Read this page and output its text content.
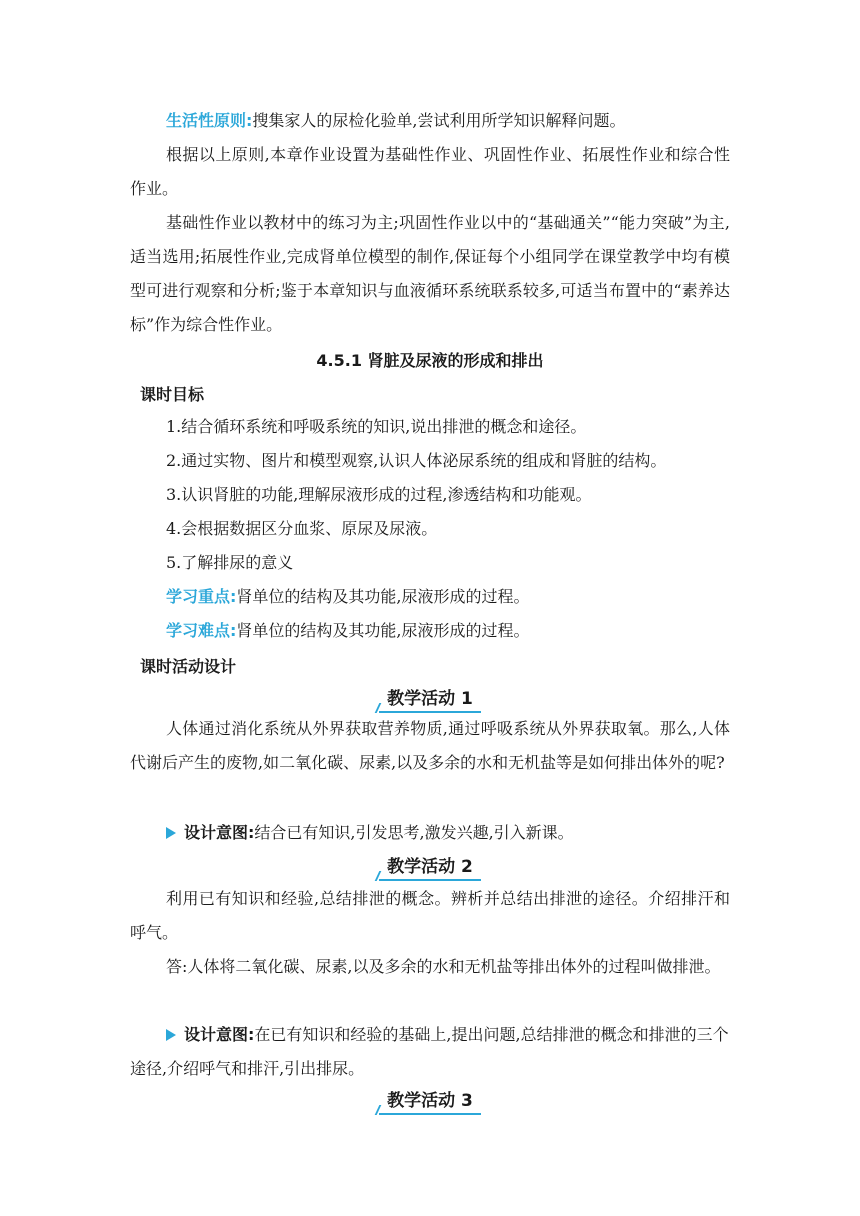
生活性原则:搜集家人的尿检化验单,尝试利用所学知识解释问题。

根据以上原则,本章作业设置为基础性作业、巩固性作业、拓展性作业和综合性作业。

基础性作业以教材中的练习为主;巩固性作业以中的“基础通关”“能力突破”为主,适当选用;拓展性作业,完成肾单位模型的制作,保证每个小组同学在课堂教学中均有模型可进行观察和分析;鉴于本章知识与血液循环系统联系较多,可适当布置中的“素养达标”作为综合性作业。

4.5.1 肾脏及尿液的形成和排出
课时目标

1.结合循环系统和呼吸系统的知识,说出排泄的概念和途径。

2.通过实物、图片和模型观察,认识人体泌尿系统的组成和肾脏的结构。

3.认识肾脏的功能,理解尿液形成的过程,渗透结构和功能观。

4.会根据数据区分血浆、原尿及尿液。

5.了解排尿的意义

学习重点:肾单位的结构及其功能,尿液形成的过程。

学习难点:肾单位的结构及其功能,尿液形成的过程。

课时活动设计
教学活动 1

人体通过消化系统从外界获取营养物质,通过呼吸系统从外界获取氧。那么,人体代谢后产生的废物,如二氧化碳、尿素,以及多余的水和无机盐等是如何排出体外的呢?

设计意图:结合已有知识,引发思考,激发兴趣,引入新课。
教学活动 2

利用已有知识和经验,总结排泄的概念。辨析并总结出排泄的途径。介绍排汗和呼气。

答:人体将二氧化碳、尿素,以及多余的水和无机盐等排出体外的过程叫做排泄。

设计意图:在已有知识和经验的基础上,提出问题,总结排泄的概念和排泄的三个途径,介绍呼气和排汗,引出排尿。
教学活动 3
